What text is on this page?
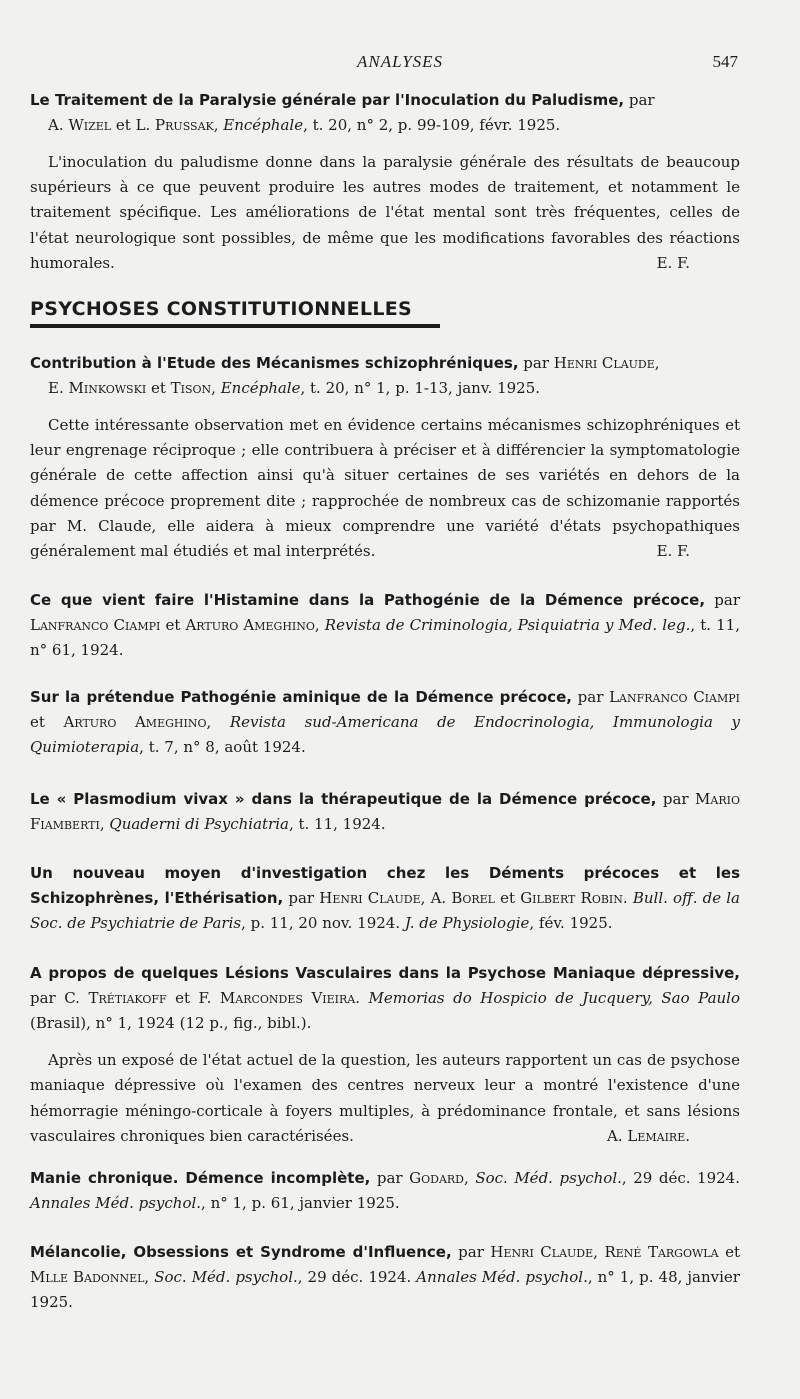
ANALYSES	547
Le Traitement de la Paralysie générale par l'Inoculation du Paludisme, par
A. Wizel et L. Prussak, Encéphale, t. 20, n° 2, p. 99-109, févr. 1925.
L'inoculation du paludisme donne dans la paralysie générale des résultats de beaucoup supérieurs à ce que peuvent produire les autres modes de traitement, et notamment le traitement spécifique. Les améliorations de l'état mental sont très fréquentes, celles de l'état neurologique sont possibles, de même que les modifications favorables des réactions humorales.	E. F.
PSYCHOSES CONSTITUTIONNELLES
Contribution à l'Etude des Mécanismes schizophréniques, par Henri Claude,
E. Minkowski et Tison, Encéphale, t. 20, n° 1, p. 1-13, janv. 1925.
Cette intéressante observation met en évidence certains mécanismes schizophréniques et leur engrenage réciproque ; elle contribuera à préciser et à différencier la symptomatologie générale de cette affection ainsi qu'à situer certaines de ses variétés en dehors de la démence précoce proprement dite ; rapprochée de nombreux cas de schizomanie rapportés par M. Claude, elle aidera à mieux comprendre une variété d'états psychopathiques généralement mal étudiés et mal interprétés.	E. F.
Ce que vient faire l'Histamine dans la Pathogénie de la Démence précoce, par Lanfranco Ciampi et Arturo Ameghino, Revista de Criminologia, Psiquiatria y Med. leg., t. 11, n° 61, 1924.
Sur la prétendue Pathogénie aminique de la Démence précoce, par Lanfranco Ciampi et Arturo Ameghino, Revista sud-Americana de Endocrinologia, Immunologia y Quimioterapia, t. 7, n° 8, août 1924.
Le « Plasmodium vivax » dans la thérapeutique de la Démence précoce, par Mario Fiamberti, Quaderni di Psychiatria, t. 11, 1924.
Un nouveau moyen d'investigation chez les Déments précoces et les Schizophrènes, l'Ethérisation, par Henri Claude, A. Borel et Gilbert Robin. Bull. off. de la Soc. de Psychiatrie de Paris, p. 11, 20 nov. 1924. J. de Physiologie, fév. 1925.
A propos de quelques Lésions Vasculaires dans la Psychose Maniaque dépressive, par C. Trétiakoff et F. Marcondes Vieira. Memorias do Hospicio de Jucquery, Sao Paulo (Brasil), n° 1, 1924 (12 p., fig., bibl.).
Après un exposé de l'état actuel de la question, les auteurs rapportent un cas de psychose maniaque dépressive où l'examen des centres nerveux leur a montré l'existence d'une hémorragie méningo-corticale à foyers multiples, à prédominance frontale, et sans lésions vasculaires chroniques bien caractérisées.	A. Lemaire.
Manie chronique. Démence incomplète, par Godard, Soc. Méd. psychol., 29 déc. 1924. Annales Méd. psychol., n° 1, p. 61, janvier 1925.
Mélancolie, Obsessions et Syndrome d'Influence, par Henri Claude, René Targowla et Mlle Badonnel, Soc. Méd. psychol., 29 déc. 1924. Annales Méd. psychol., n° 1, p. 48, janvier 1925.
